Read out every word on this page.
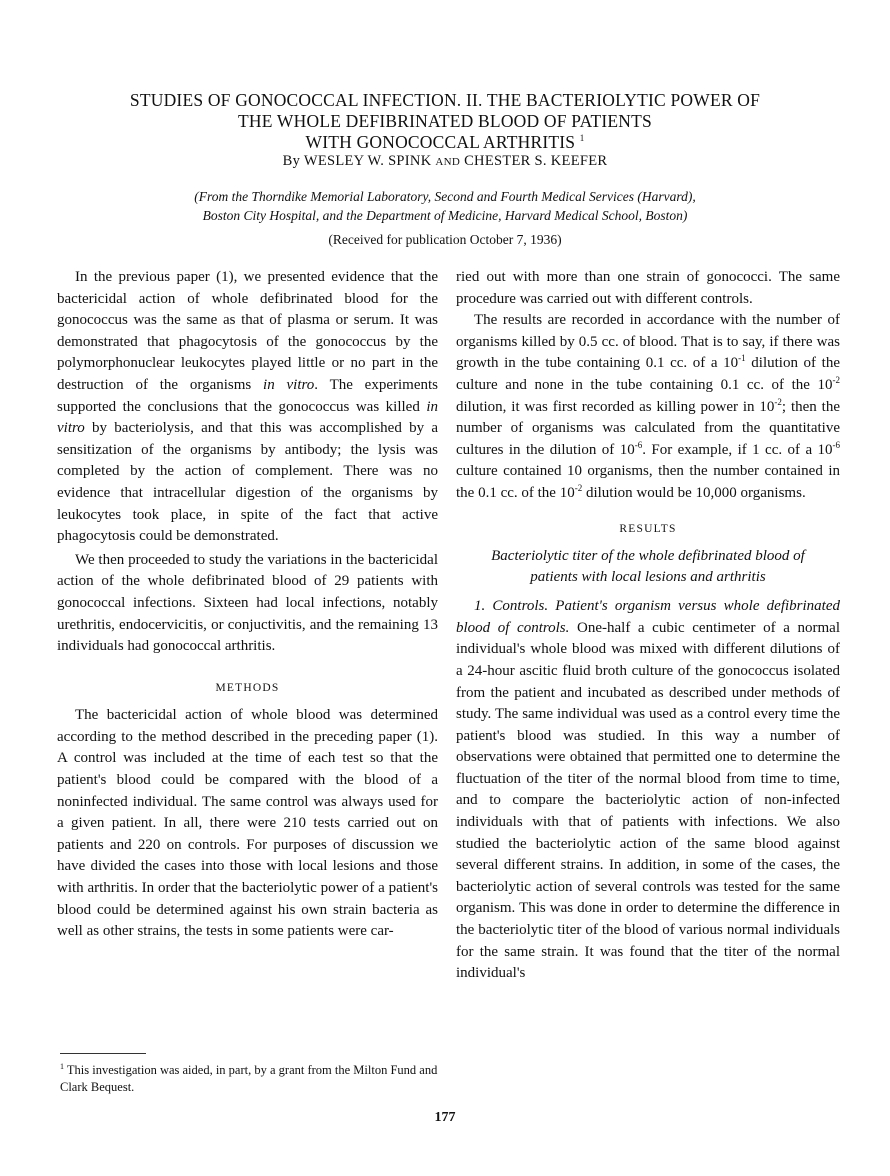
STUDIES OF GONOCOCCAL INFECTION. II. THE BACTERIOLYTIC POWER OF
THE WHOLE DEFIBRINATED BLOOD OF PATIENTS
WITH GONOCOCCAL ARTHRITIS $^1$
By WESLEY W. SPINK AND CHESTER S. KEEFER
(From the Thorndike Memorial Laboratory, Second and Fourth Medical Services (Harvard),
Boston City Hospital, and the Department of Medicine, Harvard Medical School, Boston)
(Received for publication October 7, 1936)

In the previous paper (1), we presented evidence that the bactericidal action of whole defibrinated blood for the gonococcus was the same as that of plasma or serum. It was demonstrated that phagocytosis of the gonococcus by the polymorphonuclear leukocytes played little or no part in the destruction of the organisms in vitro. The experiments supported the conclusions that the gonococcus was killed in vitro by bacteriolysis, and that this was accomplished by a sensitization of the organisms by antibody; the lysis was completed by the action of complement. There was no evidence that intracellular digestion of the organisms by leukocytes took place, in spite of the fact that active phagocytosis could be demonstrated.

We then proceeded to study the variations in the bactericidal action of the whole defibrinated blood of 29 patients with gonococcal infections. Sixteen had local infections, notably urethritis, endocervicitis, or conjuctivitis, and the remaining 13 individuals had gonococcal arthritis.

METHODS

The bactericidal action of whole blood was determined according to the method described in the preceding paper (1). A control was included at the time of each test so that the patient's blood could be compared with the blood of a noninfected individual. The same control was always used for a given patient. In all, there were 210 tests carried out on patients and 220 on controls. For purposes of discussion we have divided the cases into those with local lesions and those with arthritis. In order that the bacteriolytic power of a patient's blood could be determined against his own strain bacteria as well as other strains, the tests in some patients were car-

ried out with more than one strain of gonococci. The same procedure was carried out with different controls.

The results are recorded in accordance with the number of organisms killed by 0.5 cc. of blood. That is to say, if there was growth in the tube containing 0.1 cc. of a $10^{-1}$ dilution of the culture and none in the tube containing 0.1 cc. of the $10^{-2}$ dilution, it was first recorded as killing power in $10^{-2}$; then the number of organisms was calculated from the quantitative cultures in the dilution of $10^{-6}$. For example, if 1 cc. of a $10^{-6}$ culture contained 10 organisms, then the number contained in the 0.1 cc. of the $10^{-2}$ dilution would be 10,000 organisms.

RESULTS
Bacteriolytic titer of the whole defibrinated blood of patients with local lesions and arthritis

1. Controls. Patient's organism versus whole defibrinated blood of controls. One-half a cubic centimeter of a normal individual's whole blood was mixed with different dilutions of a 24-hour ascitic fluid broth culture of the gonococcus isolated from the patient and incubated as described under methods of study. The same individual was used as a control every time the patient's blood was studied. In this way a number of observations were obtained that permitted one to determine the fluctuation of the titer of the normal blood from time to time, and to compare the bacteriolytic action of non-infected individuals with that of patients with infections. We also studied the bacteriolytic action of the same blood against several different strains. In addition, in some of the cases, the bacteriolytic action of several controls was tested for the same organism. This was done in order to determine the difference in the bacteriolytic titer of the blood of various normal individuals for the same strain. It was found that the titer of the normal individual's

$^1$ This investigation was aided, in part, by a grant from the Milton Fund and Clark Bequest.
177
